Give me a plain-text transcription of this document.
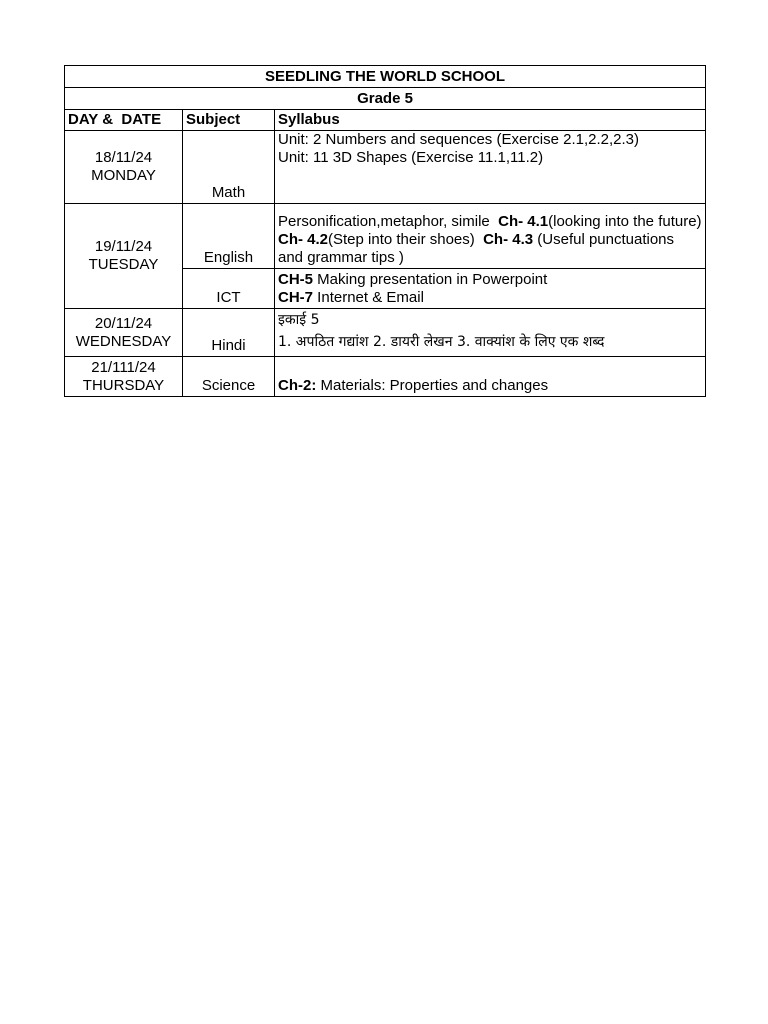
SEEDLING THE WORLD SCHOOL		
Grade 5		
DAY &  DATE	Subject	Syllabus

18/11/24
MONDAY	Math	Unit: 2 Numbers and sequences (Exercise 2.1,2.2,2.3)
Unit: 11 3D Shapes (Exercise 11.1,11.2)

19/11/24
TUESDAY	English	Personification,metaphor, simile  Ch- 4.1(looking into the future) Ch- 4.2(Step into their shoes)  Ch- 4.3 (Useful punctuations and grammar tips )
	ICT	CH-5 Making presentation in Powerpoint
CH-7 Internet & Email

20/11/24
WEDNESDAY	Hindi	इकाई 5
1. अपठित गद्यांश 2. डायरी लेखन 3. वाक्यांश के लिए एक शब्द

21/111/24
THURSDAY	Science	Ch-2: Materials: Properties and changes
